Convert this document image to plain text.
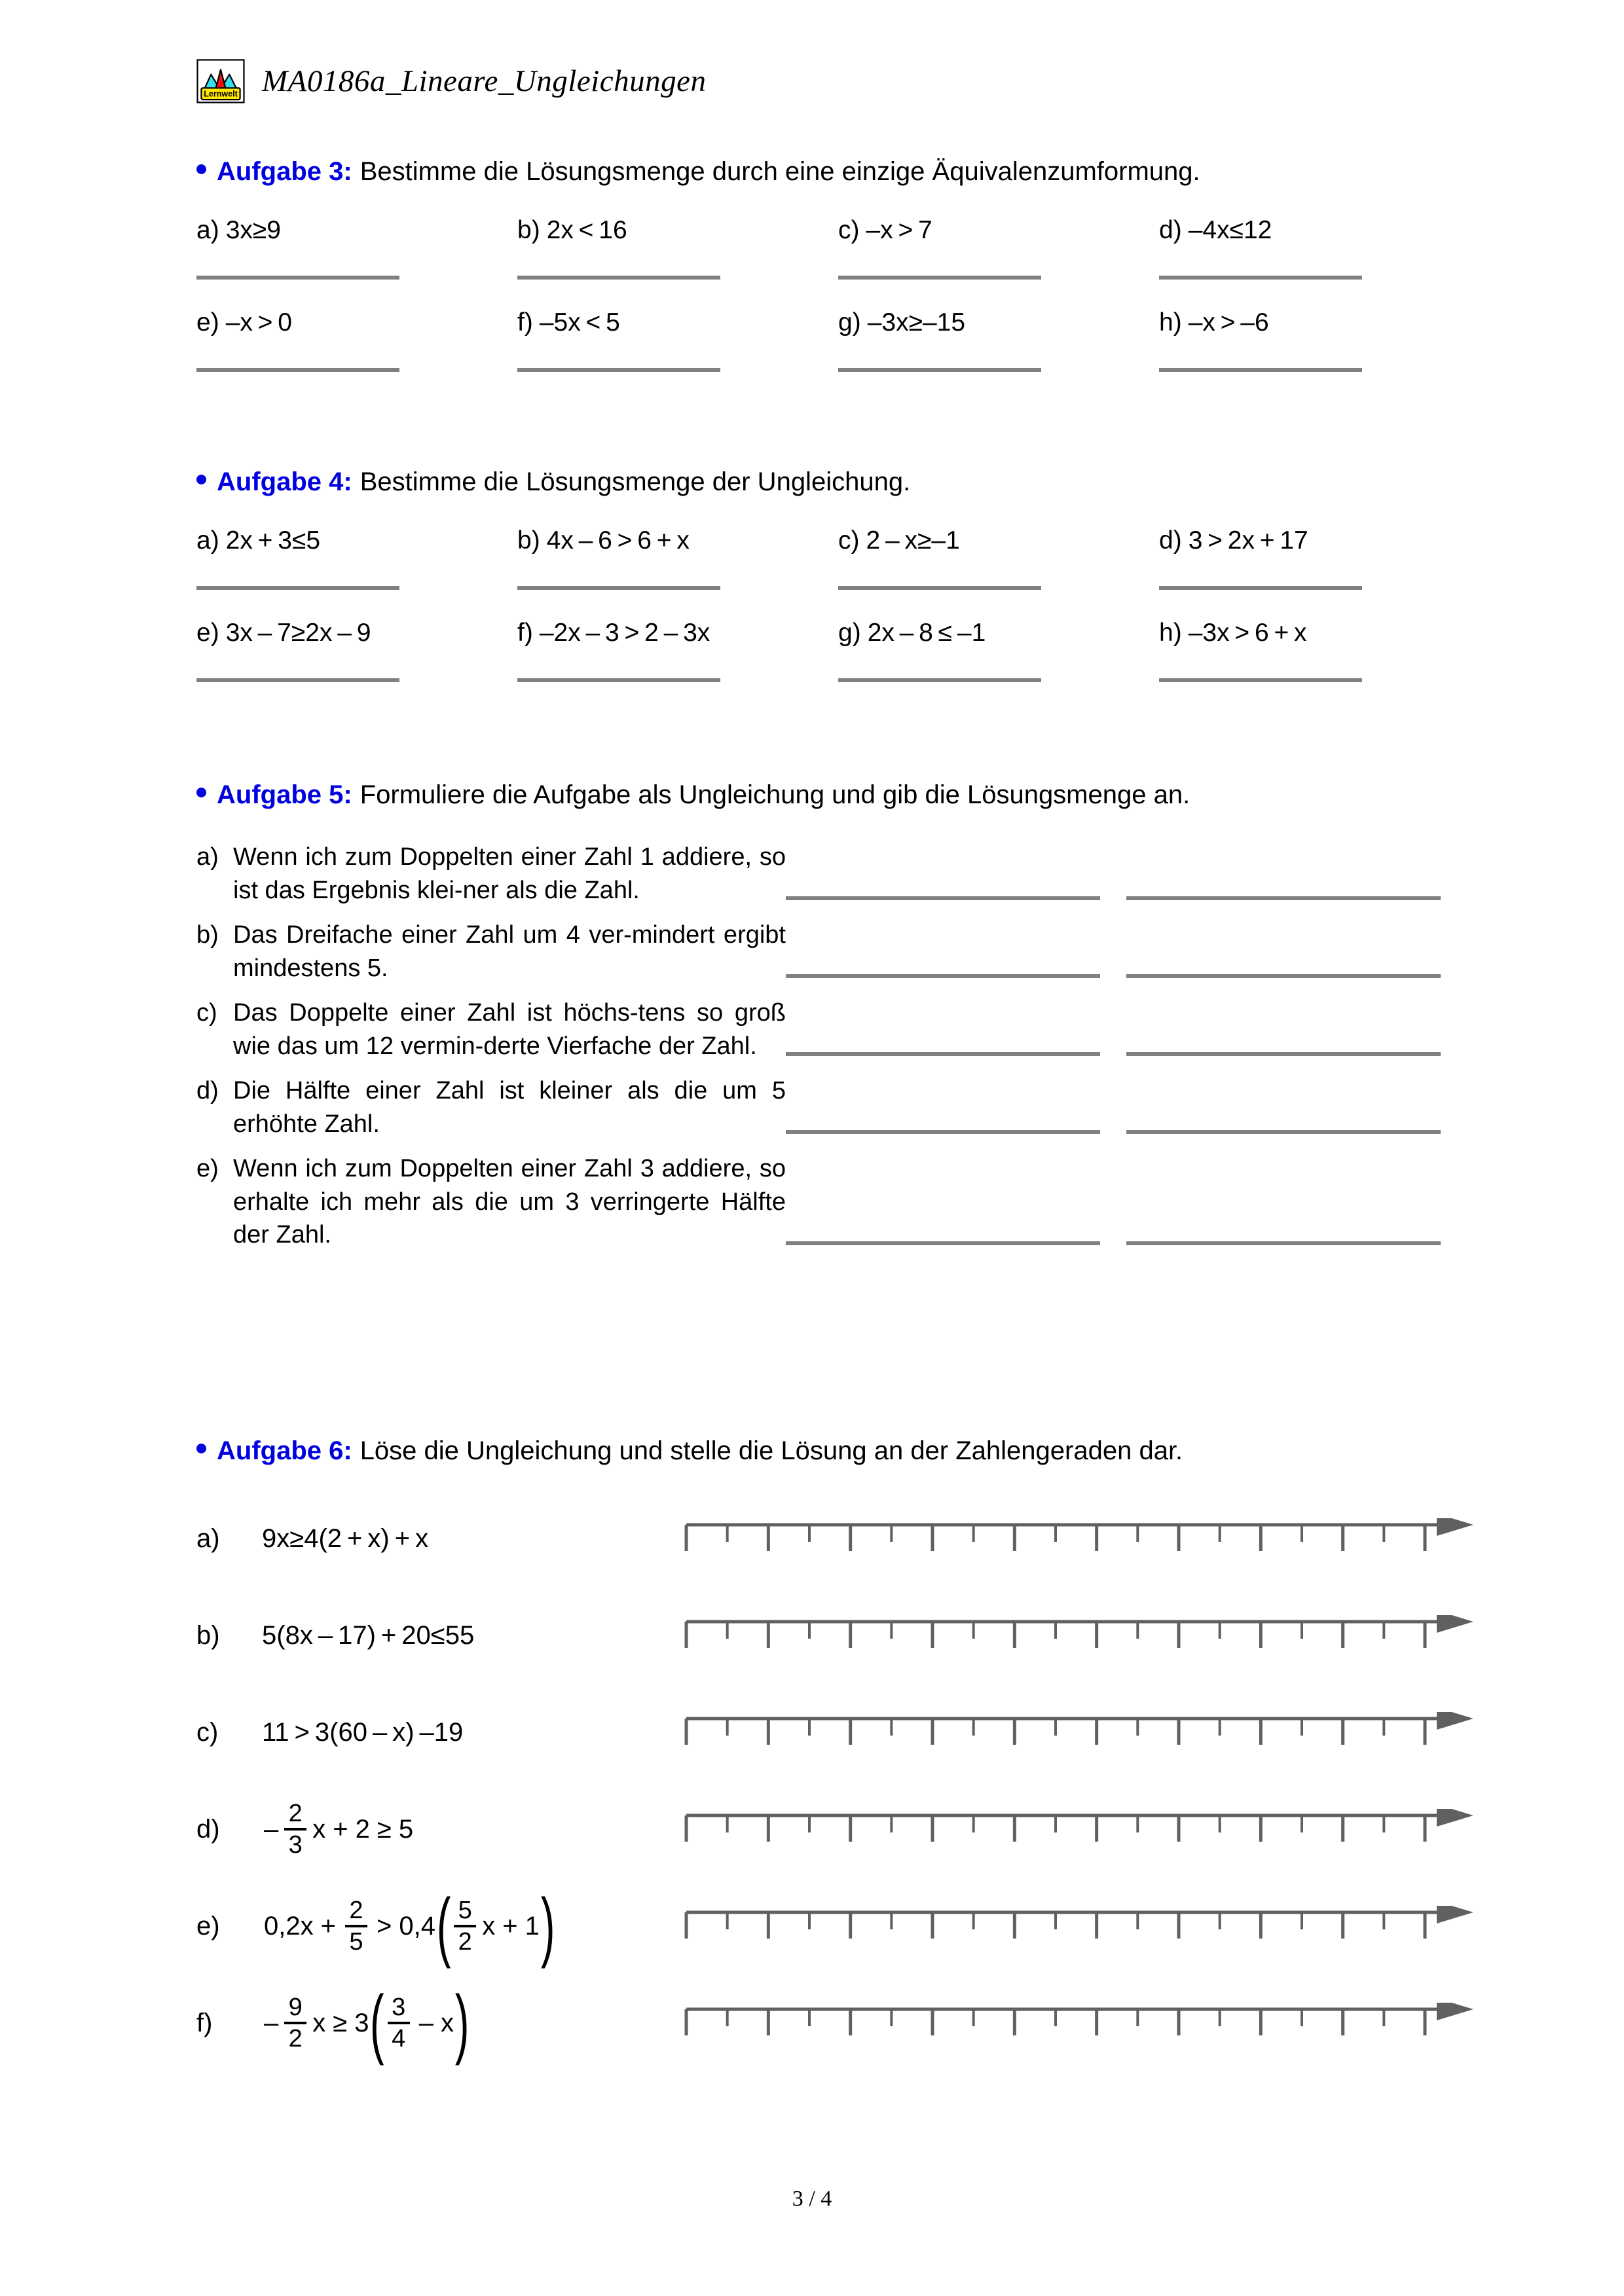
Lernwelt MA0186a_Lineare_Ungleichungen
Aufgabe 3: Bestimme die Lösungsmenge durch eine einzige Äquivalenzumformung.
a) 3x≥9	b) 2x < 16	c) –x > 7	d) –4x≤12
e) –x > 0	f) –5x < 5	g) –3x≥–15	h) –x > –6
Aufgabe 4: Bestimme die Lösungsmenge der Ungleichung.
a) 2x + 3≤5	b) 4x – 6 > 6 + x	c) 2 – x≥–1	d) 3 > 2x + 17
e) 3x – 7≥2x – 9	f) –2x – 3 > 2 – 3x	g) 2x – 8 ≤ –1	h) –3x > 6 + x
Aufgabe 5: Formuliere die Aufgabe als Ungleichung und gib die Lösungsmenge an.
a) Wenn ich zum Doppelten einer Zahl 1 addiere, so ist das Ergebnis klei-ner als die Zahl.
b) Das Dreifache einer Zahl um 4 ver-mindert ergibt mindestens 5.
c) Das Doppelte einer Zahl ist höchs-tens so groß wie das um 12 vermin-derte Vierfache der Zahl.
d) Die Hälfte einer Zahl ist kleiner als die um 5 erhöhte Zahl.
e) Wenn ich zum Doppelten einer Zahl 3 addiere, so erhalte ich mehr als die um 3 verringerte Hälfte der Zahl.
Aufgabe 6: Löse die Ungleichung und stelle die Lösung an der Zahlengeraden dar.
a)	9x≥4(2 + x) + x
b)	5(8x – 17) + 20≤55
c)	11 > 3(60 – x) –19
d)	– $\frac{2}{3}$ x + 2 ≥ 5
e)	$0,2x + \frac{2}{5} > 0,4$ ( $\frac{5}{2}$ x + 1 )
f)	– $\frac{9}{2}$ x ≥ 3 ( $\frac{3}{4}$ – x )
3 / 4
